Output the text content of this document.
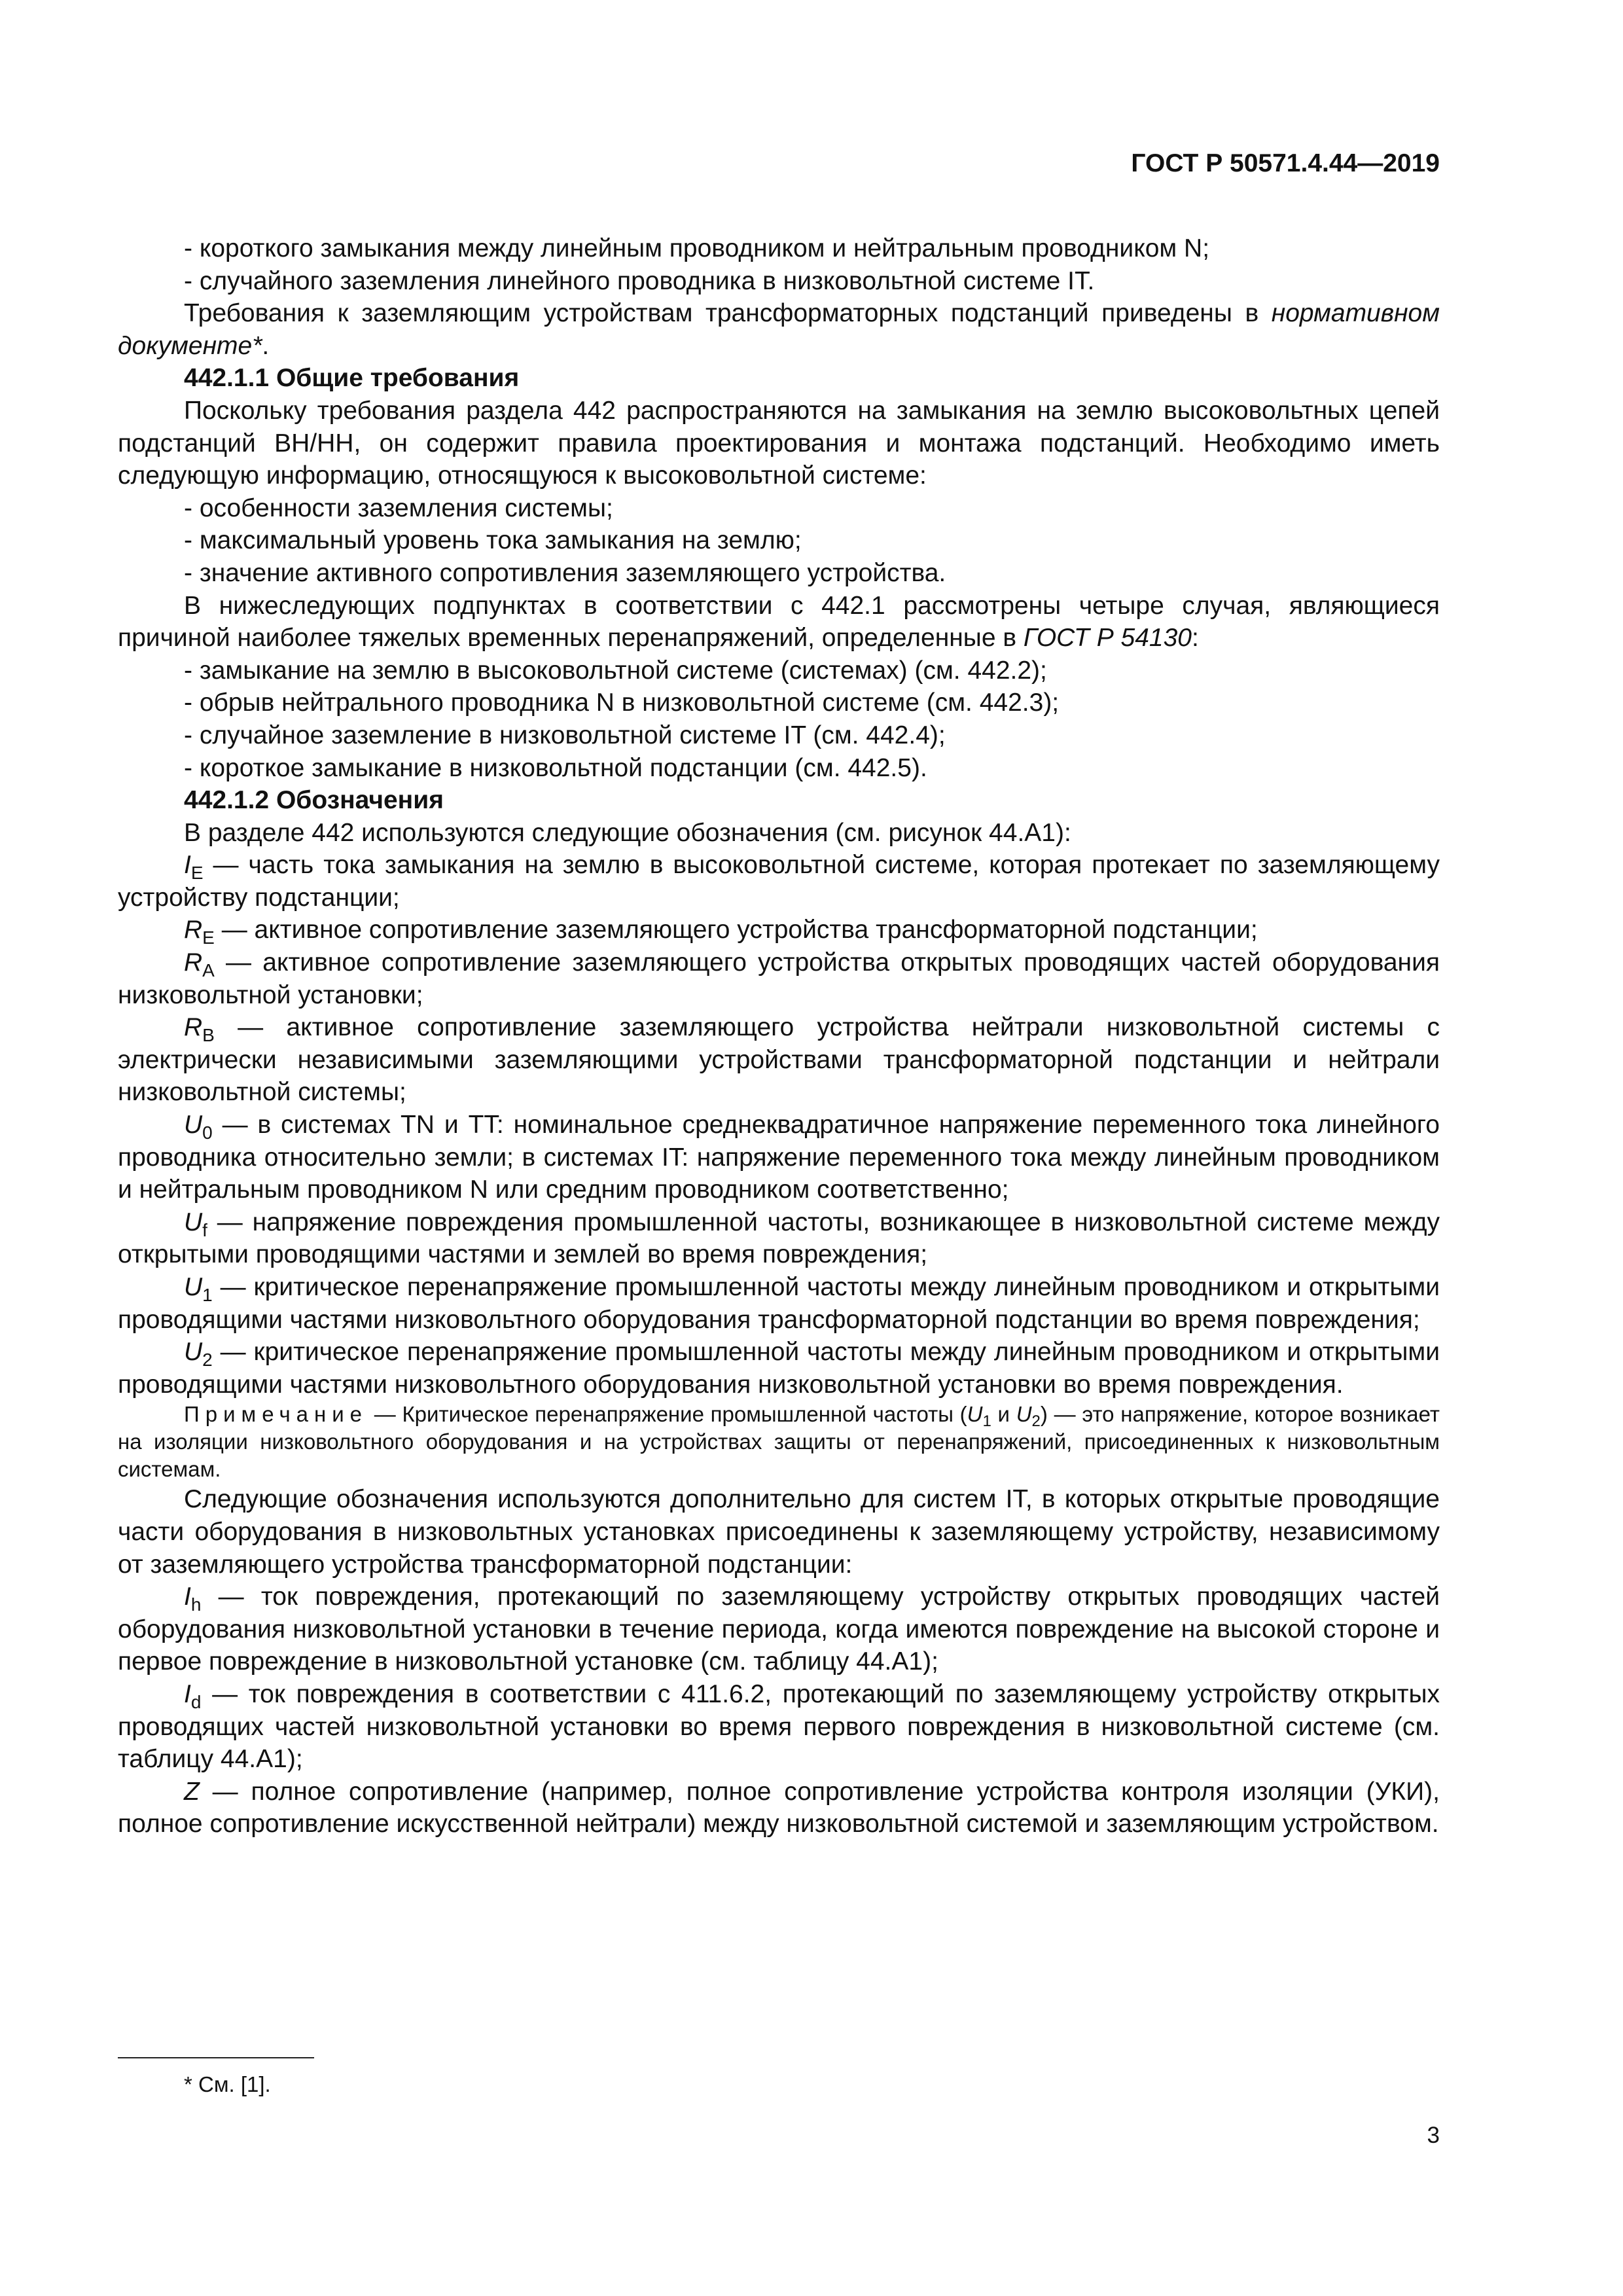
ГОСТ Р 50571.4.44—2019

- короткого замыкания между линейным проводником и нейтральным проводником N;

- случайного заземления линейного проводника в низковольтной системе IT.

Требования к заземляющим устройствам трансформаторных подстанций приведены в нормативном документе*.

442.1.1 Общие требования

Поскольку требования раздела 442 распространяются на замыкания на землю высоковольтных цепей подстанций ВН/НН, он содержит правила проектирования и монтажа подстанций. Необходимо иметь следующую информацию, относящуюся к высоковольтной системе:

- особенности заземления системы;

- максимальный уровень тока замыкания на землю;

- значение активного сопротивления заземляющего устройства.

В нижеследующих подпунктах в соответствии с 442.1 рассмотрены четыре случая, являющиеся причиной наиболее тяжелых временных перенапряжений, определенные в ГОСТ Р 54130:

- замыкание на землю в высоковольтной системе (системах) (см. 442.2);

- обрыв нейтрального проводника N в низковольтной системе (см. 442.3);

- случайное заземление в низковольтной системе IT (см. 442.4);

- короткое замыкание в низковольтной подстанции (см. 442.5).

442.1.2 Обозначения

В разделе 442 используются следующие обозначения (см. рисунок 44.А1):

$I_E$ — часть тока замыкания на землю в высоковольтной системе, которая протекает по заземляющему устройству подстанции;

$R_E$ — активное сопротивление заземляющего устройства трансформаторной подстанции;

$R_A$ — активное сопротивление заземляющего устройства открытых проводящих частей оборудования низковольтной установки;

$R_B$ — активное сопротивление заземляющего устройства нейтрали низковольтной системы с электрически независимыми заземляющими устройствами трансформаторной подстанции и нейтрали низковольтной системы;

$U_0$ — в системах TN и TT: номинальное среднеквадратичное напряжение переменного тока линейного проводника относительно земли; в системах IT: напряжение переменного тока между линейным проводником и нейтральным проводником N или средним проводником соответственно;

$U_f$ — напряжение повреждения промышленной частоты, возникающее в низковольтной системе между открытыми проводящими частями и землей во время повреждения;

$U_1$ — критическое перенапряжение промышленной частоты между линейным проводником и открытыми проводящими частями низковольтного оборудования трансформаторной подстанции во время повреждения;

$U_2$ — критическое перенапряжение промышленной частоты между линейным проводником и открытыми проводящими частями низковольтного оборудования низковольтной установки во время повреждения.

Примечание — Критическое перенапряжение промышленной частоты ($U_1$ и $U_2$) — это напряжение, которое возникает на изоляции низковольтного оборудования и на устройствах защиты от перенапряжений, присоединенных к низковольтным системам.

Следующие обозначения используются дополнительно для систем IT, в которых открытые проводящие части оборудования в низковольтных установках присоединены к заземляющему устройству, независимому от заземляющего устройства трансформаторной подстанции:

$I_h$ — ток повреждения, протекающий по заземляющему устройству открытых проводящих частей оборудования низковольтной установки в течение периода, когда имеются повреждение на высокой стороне и первое повреждение в низковольтной установке (см. таблицу 44.А1);

$I_d$ — ток повреждения в соответствии с 411.6.2, протекающий по заземляющему устройству открытых проводящих частей низковольтной установки во время первого повреждения в низковольтной системе (см. таблицу 44.А1);

Z — полное сопротивление (например, полное сопротивление устройства контроля изоляции (УКИ), полное сопротивление искусственной нейтрали) между низковольтной системой и заземляющим устройством.

* См. [1].
3
